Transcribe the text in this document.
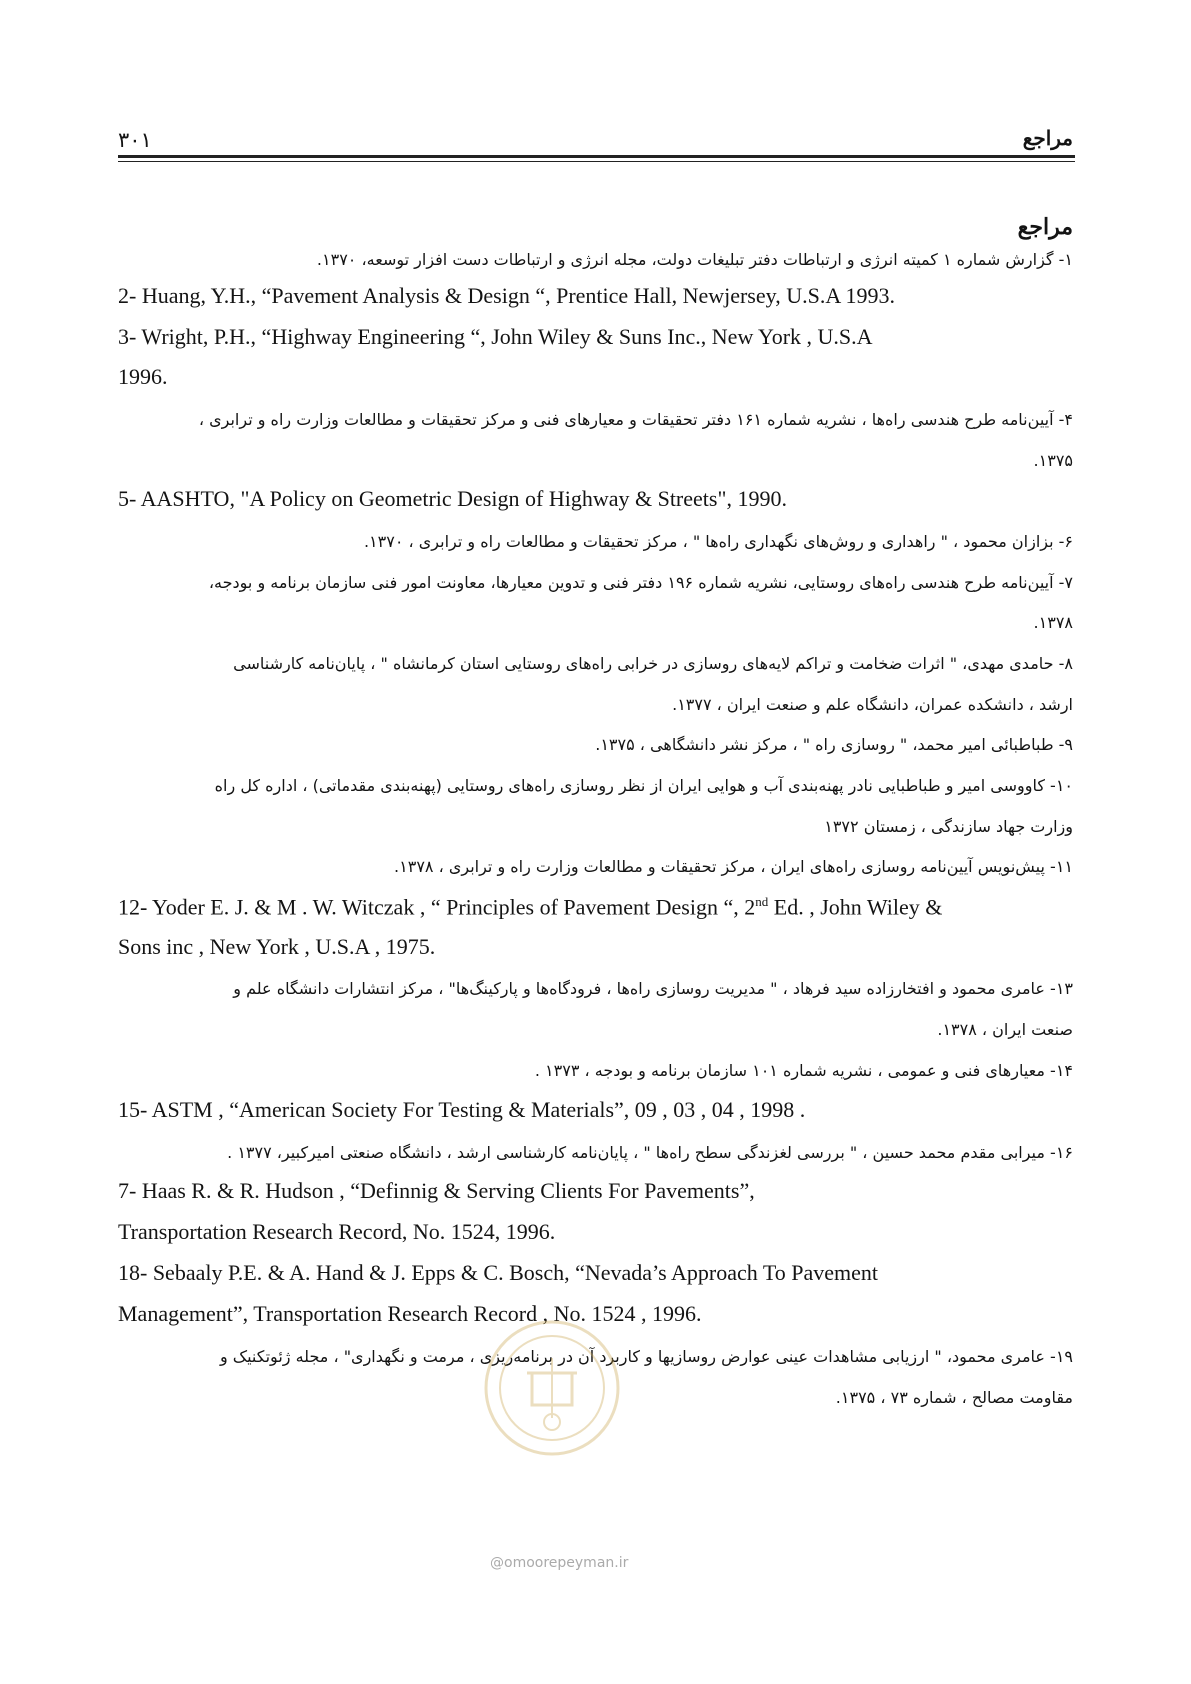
۳۰۱	مراجع
مراجع
۱- گزارش شماره ۱ کمیته انرژی و ارتباطات دفتر تبلیغات دولت، مجله انرژی و ارتباطات دست افزار توسعه، ۱۳۷۰.
2- Huang, Y.H., “Pavement Analysis & Design “, Prentice Hall, Newjersey, U.S.A 1993.
3- Wright, P.H., “Highway Engineering “, John Wiley & Suns Inc., New York , U.S.A
1996.
۴- آیین‌نامه طرح هندسی راه‌ها ، نشریه شماره ۱۶۱ دفتر تحقیقات و معیارهای فنی و مرکز تحقیقات و مطالعات وزارت راه و ترابری ،
۱۳۷۵.
5- AASHTO, "A Policy on Geometric Design of Highway & Streets", 1990.
۶- بزازان محمود ، " راهداری و روش‌های نگهداری راه‌ها " ، مرکز تحقیقات و مطالعات راه و ترابری ، ۱۳۷۰.
۷- آیین‌نامه طرح هندسی راه‌های روستایی، نشریه شماره ۱۹۶ دفتر فنی و تدوین معیارها، معاونت امور فنی سازمان برنامه و بودجه،
۱۳۷۸.
۸- حامدی مهدی، " اثرات ضخامت و تراکم لایه‌های روسازی در خرابی راه‌های روستایی استان کرمانشاه " ، پایان‌نامه کارشناسی
ارشد ، دانشکده عمران، دانشگاه علم و صنعت ایران ، ۱۳۷۷.
۹- طباطبائی امیر محمد، " روسازی راه " ، مرکز نشر دانشگاهی ، ۱۳۷۵.
۱۰- کاووسی امیر و طباطبایی نادر پهنه‌بندی آب و هوایی ایران از نظر روسازی راه‌های روستایی (پهنه‌بندی مقدماتی) ، اداره کل راه
وزارت جهاد سازندگی ، زمستان ۱۳۷۲
۱۱- پیش‌نویس آیین‌نامه روسازی راه‌های ایران ، مرکز تحقیقات و مطالعات وزارت راه و ترابری ، ۱۳۷۸.
12- Yoder E. J. & M . W. Witczak , “ Principles of Pavement Design “, 2nd Ed. , John Wiley &
Sons inc , New York , U.S.A , 1975.
۱۳- عامری محمود و افتخارزاده سید فرهاد ، " مدیریت روسازی راه‌ها ، فرودگاه‌ها و پارکینگ‌ها" ، مرکز انتشارات دانشگاه علم و
صنعت ایران ، ۱۳۷۸.
۱۴- معیارهای فنی و عمومی ، نشریه شماره ۱۰۱ سازمان برنامه و بودجه ، ۱۳۷۳ .
15- ASTM , “American Society For Testing & Materials”, 09 , 03 , 04 , 1998 .
۱۶- میرابی مقدم محمد حسین ، " بررسی لغزندگی سطح راه‌ها " ، پایان‌نامه کارشناسی ارشد ، دانشگاه صنعتی امیرکبیر، ۱۳۷۷ .
7- Haas R. & R. Hudson , “Definnig & Serving Clients For Pavements”,
Transportation Research Record, No. 1524, 1996.
18- Sebaaly P.E. & A. Hand & J. Epps & C. Bosch, “Nevada’s Approach To Pavement
Management”, Transportation Research Record , No. 1524 , 1996.
۱۹- عامری محمود، " ارزیابی مشاهدات عینی عوارض روسازیها و کاربرد آن در برنامه‌ریزی ، مرمت و نگهداری" ، مجله ژئوتکنیک و
مقاومت مصالح ، شماره ۷۳ ، ۱۳۷۵.
@omoorepeyman.ir
